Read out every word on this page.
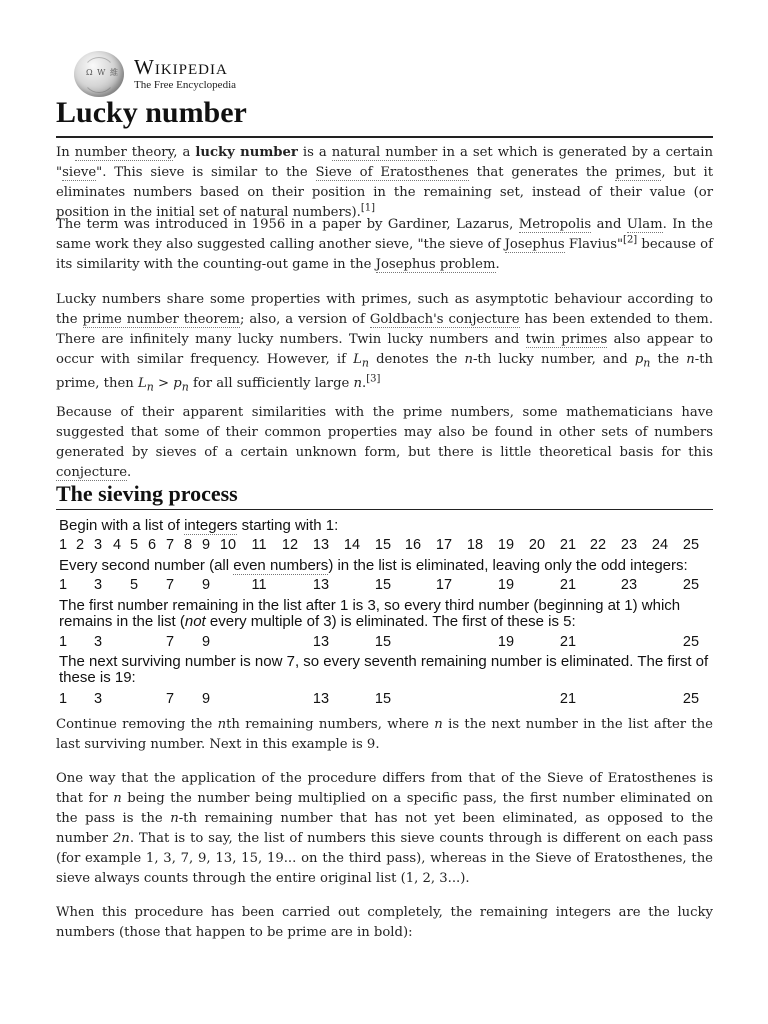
Ω W 維
Wikipedia
The Free Encyclopedia
Lucky number

In number theory, a lucky number is a natural number in a set which is generated by a certain "sieve". This sieve is similar to the Sieve of Eratosthenes that generates the primes, but it eliminates numbers based on their position in the remaining set, instead of their value (or position in the initial set of natural numbers).[1]

The term was introduced in 1956 in a paper by Gardiner, Lazarus, Metropolis and Ulam. In the same work they also suggested calling another sieve, "the sieve of Josephus Flavius"[2] because of its similarity with the counting-out game in the Josephus problem.

Lucky numbers share some properties with primes, such as asymptotic behaviour according to the prime number theorem; also, a version of Goldbach's conjecture has been extended to them. There are infinitely many lucky numbers. Twin lucky numbers and twin primes also appear to occur with similar frequency. However, if $L_n$ denotes the n-th lucky number, and $p_n$ the n-th prime, then $L_n > p_n$ for all sufficiently large n.[3]

Because of their apparent similarities with the prime numbers, some mathematicians have suggested that some of their common properties may also be found in other sets of numbers generated by sieves of a certain unknown form, but there is little theoretical basis for this conjecture.

The sieving process
Begin with a list of integers starting with 1:
1 2 3 4 5 6 7 8 9 10 11 12 13 14 15 16 17 18 19 20 21 22 23 24 25
Every second number (all even numbers) in the list is eliminated, leaving only the odd integers:
1 3 5 7 9	11	13	15	17	19	21	23	25
The first number remaining in the list after 1 is 3, so every third number (beginning at 1) which remains in the list (not every multiple of 3) is eliminated. The first of these is 5:
1 3	7 9	13	15	19	21	25
The next surviving number is now 7, so every seventh remaining number is eliminated. The first of these is 19:
1 3	7 9	13	15	21	25

Continue removing the nth remaining numbers, where n is the next number in the list after the last surviving number. Next in this example is 9.

One way that the application of the procedure differs from that of the Sieve of Eratosthenes is that for n being the number being multiplied on a specific pass, the first number eliminated on the pass is the n-th remaining number that has not yet been eliminated, as opposed to the number 2n. That is to say, the list of numbers this sieve counts through is different on each pass (for example 1, 3, 7, 9, 13, 15, 19... on the third pass), whereas in the Sieve of Eratosthenes, the sieve always counts through the entire original list (1, 2, 3...).

When this procedure has been carried out completely, the remaining integers are the lucky numbers (those that happen to be prime are in bold):
